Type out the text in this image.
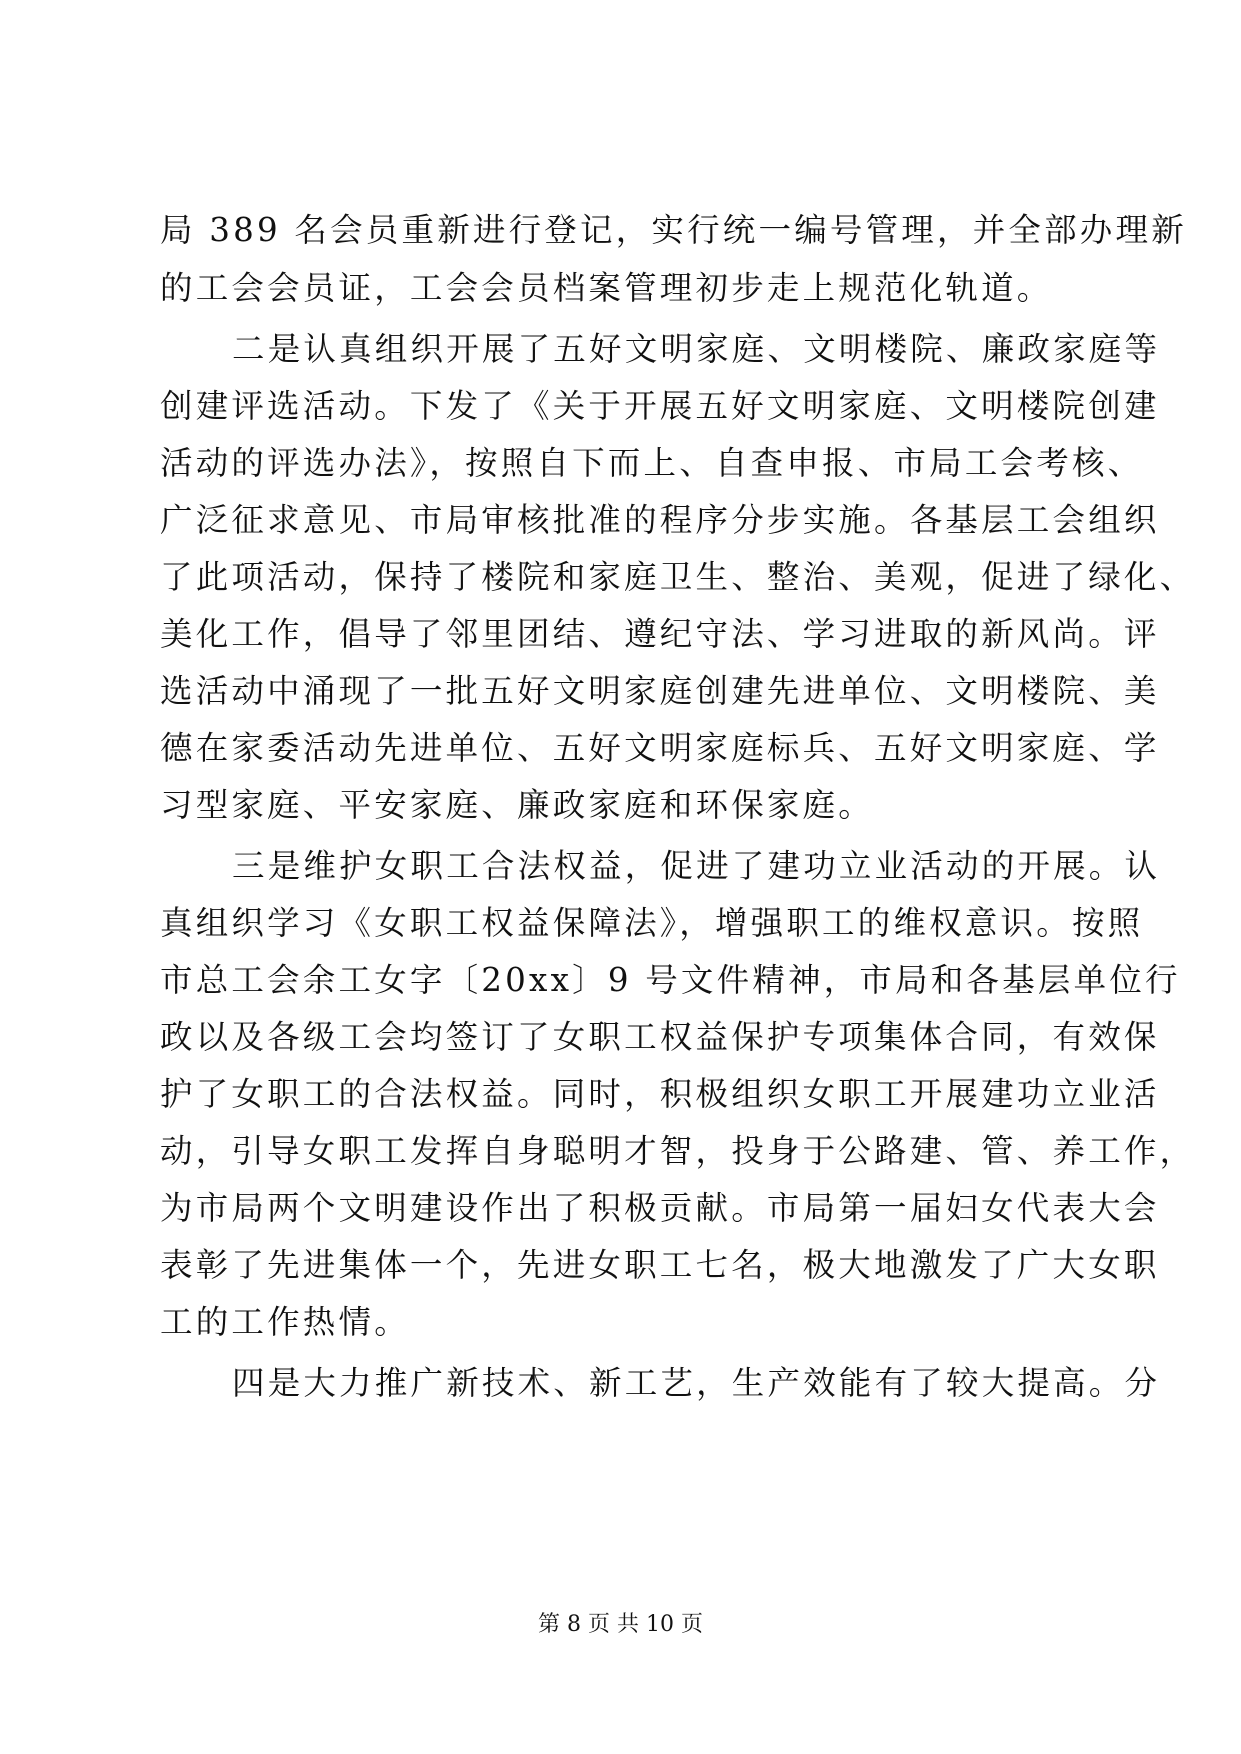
局 389 名会员重新进行登记，实行统一编号管理，并全部办理新
的工会会员证，工会会员档案管理初步走上规范化轨道。
二是认真组织开展了五好文明家庭、文明楼院、廉政家庭等
创建评选活动。下发了《关于开展五好文明家庭、文明楼院创建
活动的评选办法》，按照自下而上、自查申报、市局工会考核、
广泛征求意见、市局审核批准的程序分步实施。各基层工会组织
了此项活动，保持了楼院和家庭卫生、整治、美观，促进了绿化、
美化工作，倡导了邻里团结、遵纪守法、学习进取的新风尚。评
选活动中涌现了一批五好文明家庭创建先进单位、文明楼院、美
德在家委活动先进单位、五好文明家庭标兵、五好文明家庭、学
习型家庭、平安家庭、廉政家庭和环保家庭。
三是维护女职工合法权益，促进了建功立业活动的开展。认
真组织学习《女职工权益保障法》，增强职工的维权意识。按照
市总工会余工女字〔20xx〕9 号文件精神，市局和各基层单位行
政以及各级工会均签订了女职工权益保护专项集体合同，有效保
护了女职工的合法权益。同时，积极组织女职工开展建功立业活
动，引导女职工发挥自身聪明才智，投身于公路建、管、养工作，
为市局两个文明建设作出了积极贡献。市局第一届妇女代表大会
表彰了先进集体一个，先进女职工七名，极大地激发了广大女职
工的工作热情。
四是大力推广新技术、新工艺，生产效能有了较大提高。分
第 8 页 共 10 页
